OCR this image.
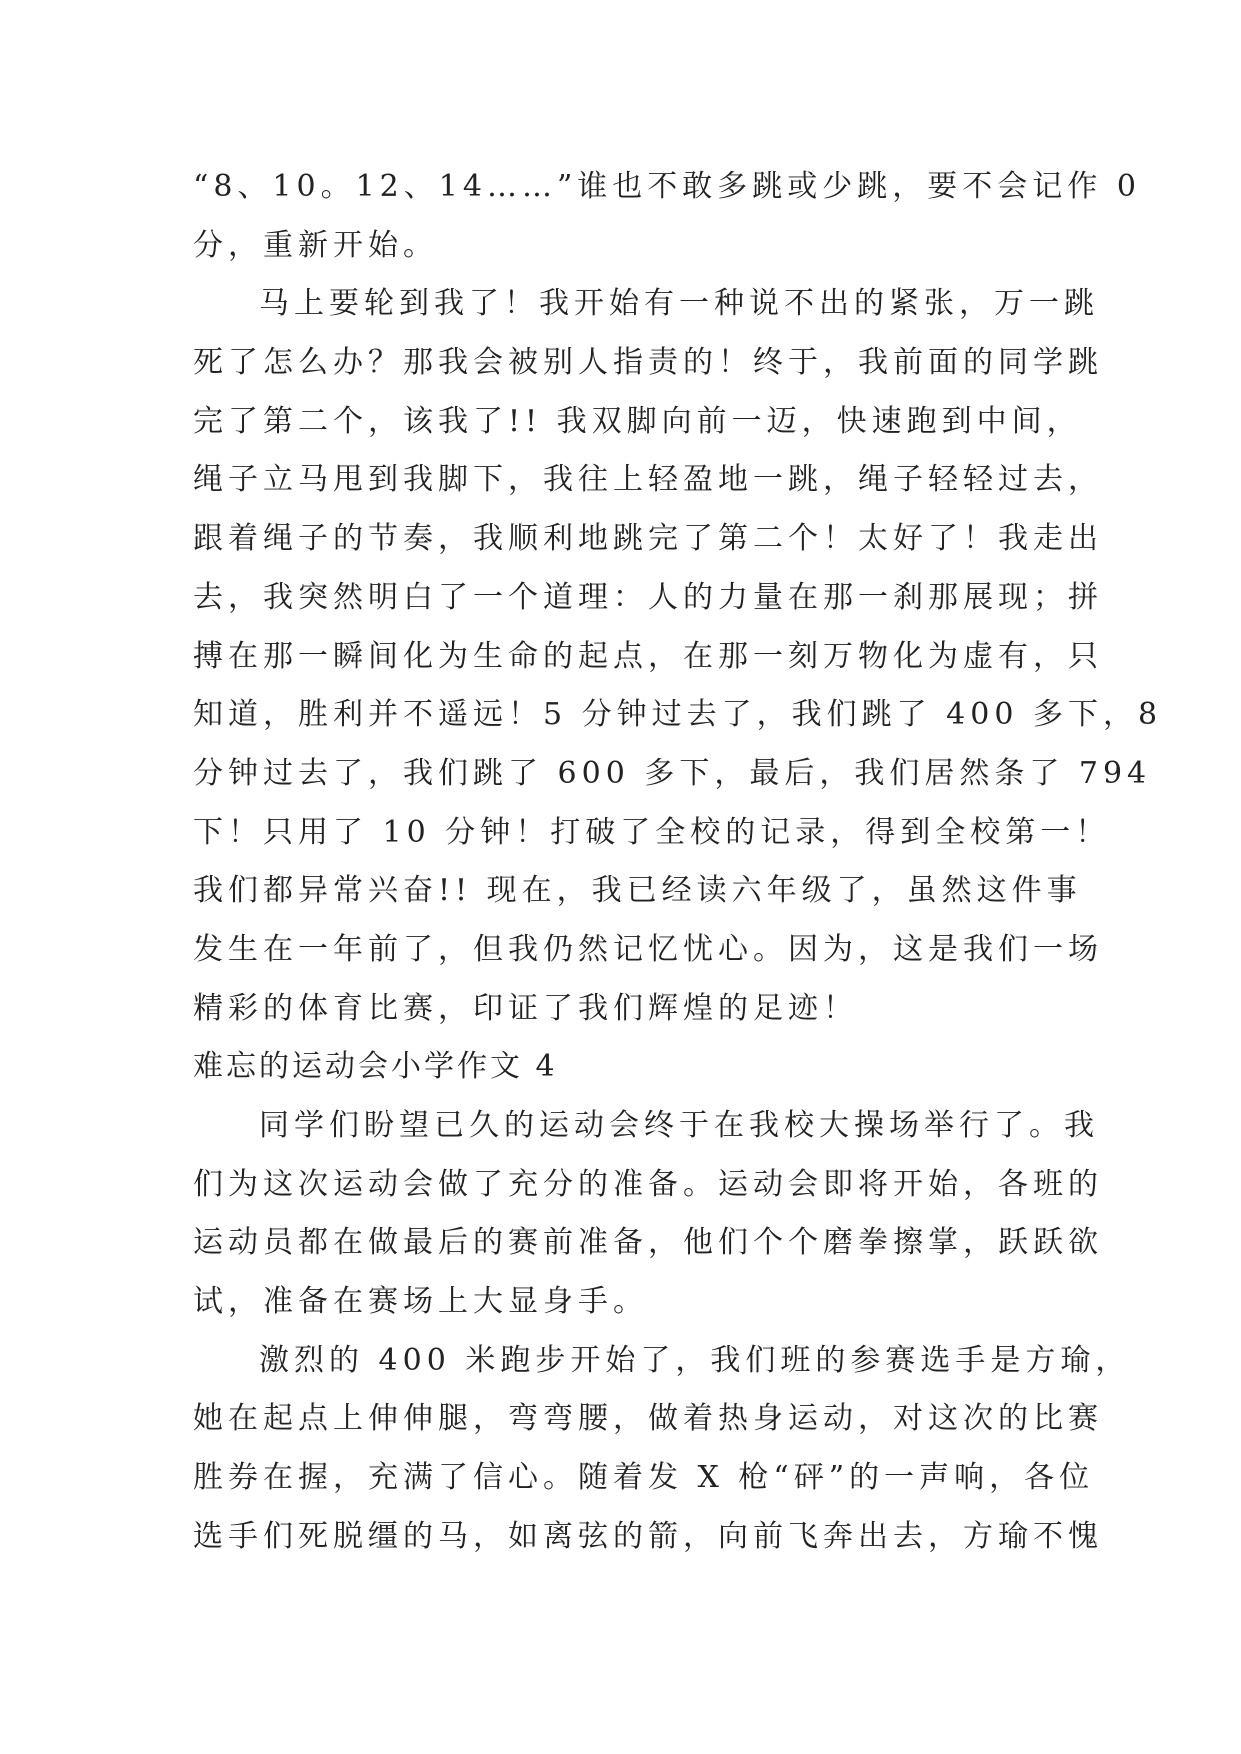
“8、10。12、14……”谁也不敢多跳或少跳，要不会记作 0
分，重新开始。
马上要轮到我了！我开始有一种说不出的紧张，万一跳
死了怎么办？那我会被别人指责的！终于，我前面的同学跳
完了第二个，该我了!! 我双脚向前一迈，快速跑到中间，
绳子立马甩到我脚下，我往上轻盈地一跳，绳子轻轻过去，
跟着绳子的节奏，我顺利地跳完了第二个！太好了！我走出
去，我突然明白了一个道理：人的力量在那一刹那展现；拼
搏在那一瞬间化为生命的起点，在那一刻万物化为虚有，只
知道，胜利并不遥远！5 分钟过去了，我们跳了 400 多下，8
分钟过去了，我们跳了 600 多下，最后，我们居然条了 794
下！只用了 10 分钟！打破了全校的记录，得到全校第一！
我们都异常兴奋!! 现在，我已经读六年级了，虽然这件事
发生在一年前了，但我仍然记忆忧心。因为，这是我们一场
精彩的体育比赛，印证了我们辉煌的足迹！
难忘的运动会小学作文 4
同学们盼望已久的运动会终于在我校大操场举行了。我
们为这次运动会做了充分的准备。运动会即将开始，各班的
运动员都在做最后的赛前准备，他们个个磨拳擦掌，跃跃欲
试，准备在赛场上大显身手。
激烈的 400 米跑步开始了，我们班的参赛选手是方瑜，
她在起点上伸伸腿，弯弯腰，做着热身运动，对这次的比赛
胜券在握，充满了信心。随着发 X 枪“砰”的一声响，各位
选手们死脱缰的马，如离弦的箭，向前飞奔出去，方瑜不愧
